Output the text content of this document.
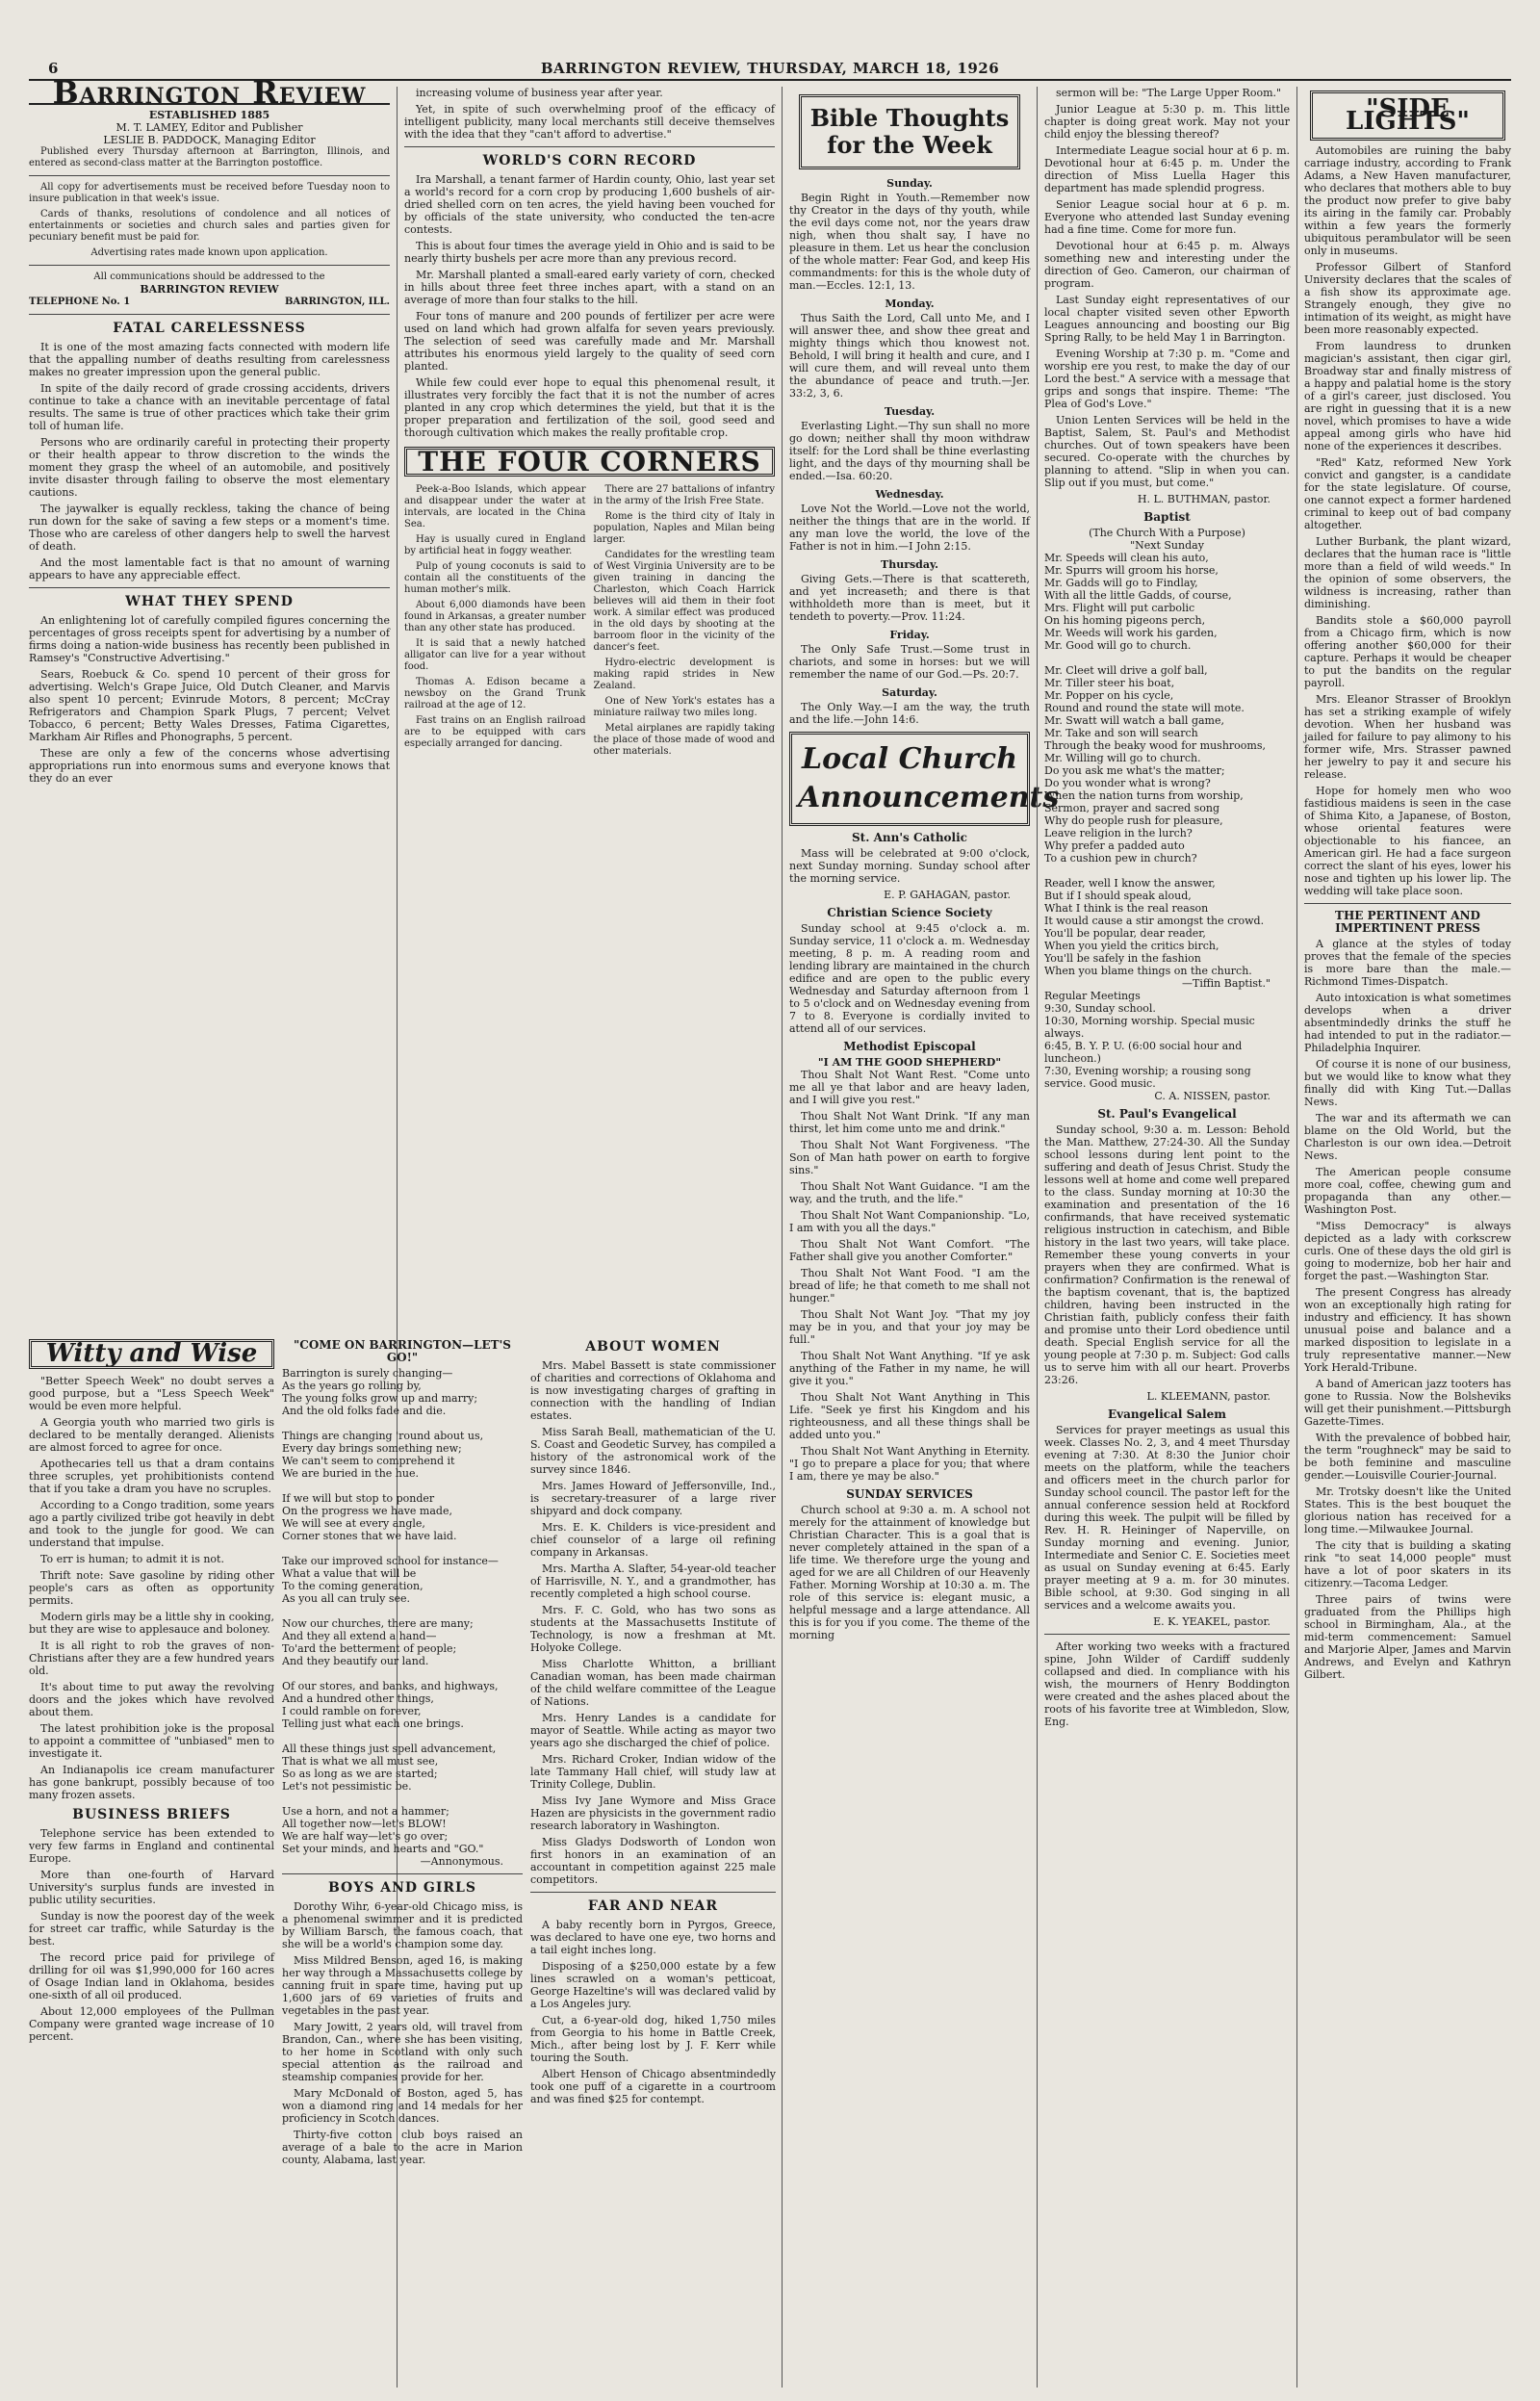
6	BARRINGTON REVIEW, THURSDAY, MARCH 18, 1926
Barrington Review
ESTABLISHED 1885
M. T. LAMEY, Editor and Publisher
LESLIE B. PADDOCK, Managing Editor

Published every Thursday afternoon at Barrington, Illinois, and entered as second-class matter at the Barrington postoffice.

All copy for advertisements must be received before Tuesday noon to insure publication in that week's issue.

Cards of thanks, resolutions of condolence and all notices of entertainments or societies and church sales and parties given for pecuniary benefit must be paid for.

Advertising rates made known upon application.
All communications should be addressed to the
BARRINGTON REVIEW
TELEPHONE No. 1	BARRINGTON, ILL.
FATAL CARELESSNESS

It is one of the most amazing facts connected with modern life that the appalling number of deaths resulting from carelessness makes no greater impression upon the general public.

In spite of the daily record of grade crossing accidents, drivers continue to take a chance with an inevitable percentage of fatal results. The same is true of other practices which take their grim toll of human life.

Persons who are ordinarily careful in protecting their property or their health appear to throw discretion to the winds the moment they grasp the wheel of an automobile, and positively invite disaster through failing to observe the most elementary cautions.

The jaywalker is equally reckless, taking the chance of being run down for the sake of saving a few steps or a moment's time. Those who are careless of other dangers help to swell the harvest of death.

And the most lamentable fact is that no amount of warning appears to have any appreciable effect.

WHAT THEY SPEND

An enlightening lot of carefully compiled figures concerning the percentages of gross receipts spent for advertising by a number of firms doing a nation-wide business has recently been published in Ramsey's "Constructive Advertising."

Sears, Roebuck & Co. spend 10 percent of their gross for advertising. Welch's Grape Juice, Old Dutch Cleaner, and Marvis also spent 10 percent; Evinrude Motors, 8 percent; McCray Refrigerators and Champion Spark Plugs, 7 percent; Velvet Tobacco, 6 percent; Betty Wales Dresses, Fatima Cigarettes, Markham Air Rifles and Phonographs, 5 percent.

These are only a few of the concerns whose advertising appropriations run into enormous sums and everyone knows that they do an ever

increasing volume of business year after year.

Yet, in spite of such overwhelming proof of the efficacy of intelligent publicity, many local merchants still deceive themselves with the idea that they "can't afford to advertise."

WORLD'S CORN RECORD

Ira Marshall, a tenant farmer of Hardin county, Ohio, last year set a world's record for a corn crop by producing 1,600 bushels of air-dried shelled corn on ten acres, the yield having been vouched for by officials of the state university, who conducted the ten-acre contests.

This is about four times the average yield in Ohio and is said to be nearly thirty bushels per acre more than any previous record.

Mr. Marshall planted a small-eared early variety of corn, checked in hills about three feet three inches apart, with a stand on an average of more than four stalks to the hill.

Four tons of manure and 200 pounds of fertilizer per acre were used on land which had grown alfalfa for seven years previously. The selection of seed was carefully made and Mr. Marshall attributes his enormous yield largely to the quality of seed corn planted.

While few could ever hope to equal this phenomenal result, it illustrates very forcibly the fact that it is not the number of acres planted in any crop which determines the yield, but that it is the proper preparation and fertilization of the soil, good seed and thorough cultivation which makes the really profitable crop.

THE FOUR CORNERS

Peek-a-Boo Islands, which appear and disappear under the water at intervals, are located in the China Sea.

Hay is usually cured in England by artificial heat in foggy weather.

Pulp of young coconuts is said to contain all the constituents of the human mother's milk.

About 6,000 diamonds have been found in Arkansas, a greater number than any other state has produced.

It is said that a newly hatched alligator can live for a year without food.

Thomas A. Edison became a newsboy on the Grand Trunk railroad at the age of 12.

Fast trains on an English railroad are to be equipped with cars especially arranged for dancing.

There are 27 battalions of infantry in the army of the Irish Free State.

Rome is the third city of Italy in population, Naples and Milan being larger.

Candidates for the wrestling team of West Virginia University are to be given training in dancing the Charleston, which Coach Harrick believes will aid them in their foot work. A similar effect was produced in the old days by shooting at the barroom floor in the vicinity of the dancer's feet.

Hydro-electric development is making rapid strides in New Zealand.

One of New York's estates has a miniature railway two miles long.

Metal airplanes are rapidly taking the place of those made of wood and other materials.

Witty and Wise

"Better Speech Week" no doubt serves a good purpose, but a "Less Speech Week" would be even more helpful.

A Georgia youth who married two girls is declared to be mentally deranged. Alienists are almost forced to agree for once.

Apothecaries tell us that a dram contains three scruples, yet prohibitionists contend that if you take a dram you have no scruples.

According to a Congo tradition, some years ago a partly civilized tribe got heavily in debt and took to the jungle for good. We can understand that impulse.

To err is human; to admit it is not.

Thrift note: Save gasoline by riding other people's cars as often as opportunity permits.

Modern girls may be a little shy in cooking, but they are wise to applesauce and boloney.

It is all right to rob the graves of non-Christians after they are a few hundred years old.

It's about time to put away the revolving doors and the jokes which have revolved about them.

The latest prohibition joke is the proposal to appoint a committee of "unbiased" men to investigate it.

An Indianapolis ice cream manufacturer has gone bankrupt, possibly because of too many frozen assets.

BUSINESS BRIEFS

Telephone service has been extended to very few farms in England and continental Europe.

More than one-fourth of Harvard University's surplus funds are invested in public utility securities.

Sunday is now the poorest day of the week for street car traffic, while Saturday is the best.

The record price paid for privilege of drilling for oil was $1,990,000 for 160 acres of Osage Indian land in Oklahoma, besides one-sixth of all oil produced.

About 12,000 employees of the Pullman Company were granted wage increase of 10 percent.

"COME ON BARRINGTON—LET'S GO!"
Barrington is surely changing—
As the years go rolling by,
The young folks grow up and marry;
And the old folks fade and die.

Things are changing 'round about us,
Every day brings something new;
We can't seem to comprehend it
We are buried in the hue.

If we will but stop to ponder
On the progress we have made,
We will see at every angle,
Corner stones that we have laid.

Take our improved school for instance—
What a value that will be
To the coming generation,
As you all can truly see.

Now our churches, there are many;
And they all extend a hand—
To'ard the betterment of people;
And they beautify our land.

Of our stores, and banks, and highways,
And a hundred other things,
I could ramble on forever,
Telling just what each one brings.

All these things just spell advancement,
That is what we all must see,
So as long as we are started;
Let's not pessimistic be.

Use a horn, and not a hammer;
All together now—let's BLOW!
We are half way—let's go over;
Set your minds, and hearts and "GO."
—Annonymous.
BOYS AND GIRLS

Dorothy Wihr, 6-year-old Chicago miss, is a phenomenal swimmer and it is predicted by William Barsch, the famous coach, that she will be a world's champion some day.

Miss Mildred Benson, aged 16, is making her way through a Massachusetts college by canning fruit in spare time, having put up 1,600 jars of 69 varieties of fruits and vegetables in the past year.

Mary Jowitt, 2 years old, will travel from Brandon, Can., where she has been visiting, to her home in Scotland with only such special attention as the railroad and steamship companies provide for her.

Mary McDonald of Boston, aged 5, has won a diamond ring and 14 medals for her proficiency in Scotch dances.

Thirty-five cotton club boys raised an average of a bale to the acre in Marion county, Alabama, last year.

ABOUT WOMEN

Mrs. Mabel Bassett is state commissioner of charities and corrections of Oklahoma and is now investigating charges of grafting in connection with the handling of Indian estates.

Miss Sarah Beall, mathematician of the U. S. Coast and Geodetic Survey, has compiled a history of the astronomical work of the survey since 1846.

Mrs. James Howard of Jeffersonville, Ind., is secretary-treasurer of a large river shipyard and dock company.

Mrs. E. K. Childers is vice-president and chief counselor of a large oil refining company in Arkansas.

Mrs. Martha A. Slafter, 54-year-old teacher of Harrisville, N. Y., and a grandmother, has recently completed a high school course.

Mrs. F. C. Gold, who has two sons as students at the Massachusetts Institute of Technology, is now a freshman at Mt. Holyoke College.

Miss Charlotte Whitton, a brilliant Canadian woman, has been made chairman of the child welfare committee of the League of Nations.

Mrs. Henry Landes is a candidate for mayor of Seattle. While acting as mayor two years ago she discharged the chief of police.

Mrs. Richard Croker, Indian widow of the late Tammany Hall chief, will study law at Trinity College, Dublin.

Miss Ivy Jane Wymore and Miss Grace Hazen are physicists in the government radio research laboratory in Washington.

Miss Gladys Dodsworth of London won first honors in an examination of an accountant in competition against 225 male competitors.

FAR AND NEAR

A baby recently born in Pyrgos, Greece, was declared to have one eye, two horns and a tail eight inches long.

Disposing of a $250,000 estate by a few lines scrawled on a woman's petticoat, George Hazeltine's will was declared valid by a Los Angeles jury.

Cut, a 6-year-old dog, hiked 1,750 miles from Georgia to his home in Battle Creek, Mich., after being lost by J. F. Kerr while touring the South.

Albert Henson of Chicago absentmindedly took one puff of a cigarette in a courtroom and was fined $25 for contempt.

Bible Thoughts for the Week
Sunday.

Begin Right in Youth.—Remember now thy Creator in the days of thy youth, while the evil days come not, nor the years draw nigh, when thou shalt say, I have no pleasure in them. Let us hear the conclusion of the whole matter: Fear God, and keep His commandments: for this is the whole duty of man.—Eccles. 12:1, 13.

Monday.

Thus Saith the Lord, Call unto Me, and I will answer thee, and show thee great and mighty things which thou knowest not. Behold, I will bring it health and cure, and I will cure them, and will reveal unto them the abundance of peace and truth.—Jer. 33:2, 3, 6.

Tuesday.

Everlasting Light.—Thy sun shall no more go down; neither shall thy moon withdraw itself: for the Lord shall be thine everlasting light, and the days of thy mourning shall be ended.—Isa. 60:20.

Wednesday.

Love Not the World.—Love not the world, neither the things that are in the world. If any man love the world, the love of the Father is not in him.—I John 2:15.

Thursday.

Giving Gets.—There is that scattereth, and yet increaseth; and there is that withholdeth more than is meet, but it tendeth to poverty.—Prov. 11:24.

Friday.

The Only Safe Trust.—Some trust in chariots, and some in horses: but we will remember the name of our God.—Ps. 20:7.

Saturday.

The Only Way.—I am the way, the truth and the life.—John 14:6.

Local Church Announcements
St. Ann's Catholic

Mass will be celebrated at 9:00 o'clock, next Sunday morning. Sunday school after the morning service.

E. P. GAHAGAN, pastor.
Christian Science Society

Sunday school at 9:45 o'clock a. m. Sunday service, 11 o'clock a. m. Wednesday meeting, 8 p. m. A reading room and lending library are maintained in the church edifice and are open to the public every Wednesday and Saturday afternoon from 1 to 5 o'clock and on Wednesday evening from 7 to 8. Everyone is cordially invited to attend all of our services.

Methodist Episcopal
"I AM THE GOOD SHEPHERD"

Thou Shalt Not Want Rest. "Come unto me all ye that labor and are heavy laden, and I will give you rest."

Thou Shalt Not Want Drink. "If any man thirst, let him come unto me and drink."

Thou Shalt Not Want Forgiveness. "The Son of Man hath power on earth to forgive sins."

Thou Shalt Not Want Guidance. "I am the way, and the truth, and the life."

Thou Shalt Not Want Companionship. "Lo, I am with you all the days."

Thou Shalt Not Want Comfort. "The Father shall give you another Comforter."

Thou Shalt Not Want Food. "I am the bread of life; he that cometh to me shall not hunger."

Thou Shalt Not Want Joy. "That my joy may be in you, and that your joy may be full."

Thou Shalt Not Want Anything. "If ye ask anything of the Father in my name, he will give it you."

Thou Shalt Not Want Anything in This Life. "Seek ye first his Kingdom and his righteousness, and all these things shall be added unto you."

Thou Shalt Not Want Anything in Eternity. "I go to prepare a place for you; that where I am, there ye may be also."

SUNDAY SERVICES

Church school at 9:30 a. m. A school not merely for the attainment of knowledge but Christian Character. This is a goal that is never completely attained in the span of a life time. We therefore urge the young and aged for we are all Children of our Heavenly Father. Morning Worship at 10:30 a. m. The role of this service is: elegant music, a helpful message and a large attendance. All this is for you if you come. The theme of the morning

sermon will be: "The Large Upper Room."

Junior League at 5:30 p. m. This little chapter is doing great work. May not your child enjoy the blessing thereof?

Intermediate League social hour at 6 p. m. Devotional hour at 6:45 p. m. Under the direction of Miss Luella Hager this department has made splendid progress.

Senior League social hour at 6 p. m. Everyone who attended last Sunday evening had a fine time. Come for more fun.

Devotional hour at 6:45 p. m. Always something new and interesting under the direction of Geo. Cameron, our chairman of program.

Last Sunday eight representatives of our local chapter visited seven other Epworth Leagues announcing and boosting our Big Spring Rally, to be held May 1 in Barrington.

Evening Worship at 7:30 p. m. "Come and worship ere you rest, to make the day of our Lord the best." A service with a message that grips and songs that inspire. Theme: "The Plea of God's Love."

Union Lenten Services will be held in the Baptist, Salem, St. Paul's and Methodist churches. Out of town speakers have been secured. Co-operate with the churches by planning to attend. "Slip in when you can. Slip out if you must, but come."

H. L. BUTHMAN, pastor.
Baptist
(The Church With a Purpose)
"Next Sunday
Mr. Speeds will clean his auto,
Mr. Spurrs will groom his horse,
Mr. Gadds will go to Findlay,
With all the little Gadds, of course,
Mrs. Flight will put carbolic
On his homing pigeons perch,
Mr. Weeds will work his garden,
Mr. Good will go to church.

Mr. Cleet will drive a golf ball,
Mr. Tiller steer his boat,
Mr. Popper on his cycle,
Round and round the state will mote.
Mr. Swatt will watch a ball game,
Mr. Take and son will search
Through the beaky wood for mushrooms,
Mr. Willing will go to church.
Do you ask me what's the matter;
Do you wonder what is wrong?
When the nation turns from worship,
Sermon, prayer and sacred song
Why do people rush for pleasure,
Leave religion in the lurch?
Why prefer a padded auto
To a cushion pew in church?

Reader, well I know the answer,
But if I should speak aloud,
What I think is the real reason
It would cause a stir amongst the crowd.
You'll be popular, dear reader,
When you yield the critics birch,
You'll be safely in the fashion
When you blame things on the church.
—Tiffin Baptist."
Regular Meetings
9:30, Sunday school.
10:30, Morning worship. Special music always.
6:45, B. Y. P. U. (6:00 social hour and luncheon.)
7:30, Evening worship; a rousing song service. Good music.
C. A. NISSEN, pastor.
St. Paul's Evangelical

Sunday school, 9:30 a. m. Lesson: Behold the Man. Matthew, 27:24-30. All the Sunday school lessons during lent point to the suffering and death of Jesus Christ. Study the lessons well at home and come well prepared to the class. Sunday morning at 10:30 the examination and presentation of the 16 confirmands, that have received systematic religious instruction in catechism, and Bible history in the last two years, will take place. Remember these young converts in your prayers when they are confirmed. What is confirmation? Confirmation is the renewal of the baptism covenant, that is, the baptized children, having been instructed in the Christian faith, publicly confess their faith and promise unto their Lord obedience until death. Special English service for all the young people at 7:30 p. m. Subject: God calls us to serve him with all our heart. Proverbs 23:26.

L. KLEEMANN, pastor.
Evangelical Salem

Services for prayer meetings as usual this week. Classes No. 2, 3, and 4 meet Thursday evening at 7:30. At 8:30 the Junior choir meets on the platform, while the teachers and officers meet in the church parlor for Sunday school council. The pastor left for the annual conference session held at Rockford during this week. The pulpit will be filled by Rev. H. R. Heininger of Naperville, on Sunday morning and evening. Junior, Intermediate and Senior C. E. Societies meet as usual on Sunday evening at 6:45. Early prayer meeting at 9 a. m. for 30 minutes. Bible school, at 9:30. God singing in all services and a welcome awaits you.

E. K. YEAKEL, pastor.

After working two weeks with a fractured spine, John Wilder of Cardiff suddenly collapsed and died. In compliance with his wish, the mourners of Henry Boddington were created and the ashes placed about the roots of his favorite tree at Wimbledon, Slow, Eng.

"SIDE LIGHTS"

Automobiles are ruining the baby carriage industry, according to Frank Adams, a New Haven manufacturer, who declares that mothers able to buy the product now prefer to give baby its airing in the family car. Probably within a few years the formerly ubiquitous perambulator will be seen only in museums.

Professor Gilbert of Stanford University declares that the scales of a fish show its approximate age. Strangely enough, they give no intimation of its weight, as might have been more reasonably expected.

From laundress to drunken magician's assistant, then cigar girl, Broadway star and finally mistress of a happy and palatial home is the story of a girl's career, just disclosed. You are right in guessing that it is a new novel, which promises to have a wide appeal among girls who have hid none of the experiences it describes.

"Red" Katz, reformed New York convict and gangster, is a candidate for the state legislature. Of course, one cannot expect a former hardened criminal to keep out of bad company altogether.

Luther Burbank, the plant wizard, declares that the human race is "little more than a field of wild weeds." In the opinion of some observers, the wildness is increasing, rather than diminishing.

Bandits stole a $60,000 payroll from a Chicago firm, which is now offering another $60,000 for their capture. Perhaps it would be cheaper to put the bandits on the regular payroll.

Mrs. Eleanor Strasser of Brooklyn has set a striking example of wifely devotion. When her husband was jailed for failure to pay alimony to his former wife, Mrs. Strasser pawned her jewelry to pay it and secure his release.

Hope for homely men who woo fastidious maidens is seen in the case of Shima Kito, a Japanese, of Boston, whose oriental features were objectionable to his fiancee, an American girl. He had a face surgeon correct the slant of his eyes, lower his nose and tighten up his lower lip. The wedding will take place soon.

THE PERTINENT AND IMPERTINENT PRESS

A glance at the styles of today proves that the female of the species is more bare than the male.—Richmond Times-Dispatch.

Auto intoxication is what sometimes develops when a driver absentmindedly drinks the stuff he had intended to put in the radiator.—Philadelphia Inquirer.

Of course it is none of our business, but we would like to know what they finally did with King Tut.—Dallas News.

The war and its aftermath we can blame on the Old World, but the Charleston is our own idea.—Detroit News.

The American people consume more coal, coffee, chewing gum and propaganda than any other.—Washington Post.

"Miss Democracy" is always depicted as a lady with corkscrew curls. One of these days the old girl is going to modernize, bob her hair and forget the past.—Washington Star.

The present Congress has already won an exceptionally high rating for industry and efficiency. It has shown unusual poise and balance and a marked disposition to legislate in a truly representative manner.—New York Herald-Tribune.

A band of American jazz tooters has gone to Russia. Now the Bolsheviks will get their punishment.—Pittsburgh Gazette-Times.

With the prevalence of bobbed hair, the term "roughneck" may be said to be both feminine and masculine gender.—Louisville Courier-Journal.

Mr. Trotsky doesn't like the United States. This is the best bouquet the glorious nation has received for a long time.—Milwaukee Journal.

The city that is building a skating rink "to seat 14,000 people" must have a lot of poor skaters in its citizenry.—Tacoma Ledger.

Three pairs of twins were graduated from the Phillips high school in Birmingham, Ala., at the mid-term commencement: Samuel and Marjorie Alper, James and Marvin Andrews, and Evelyn and Kathryn Gilbert.
